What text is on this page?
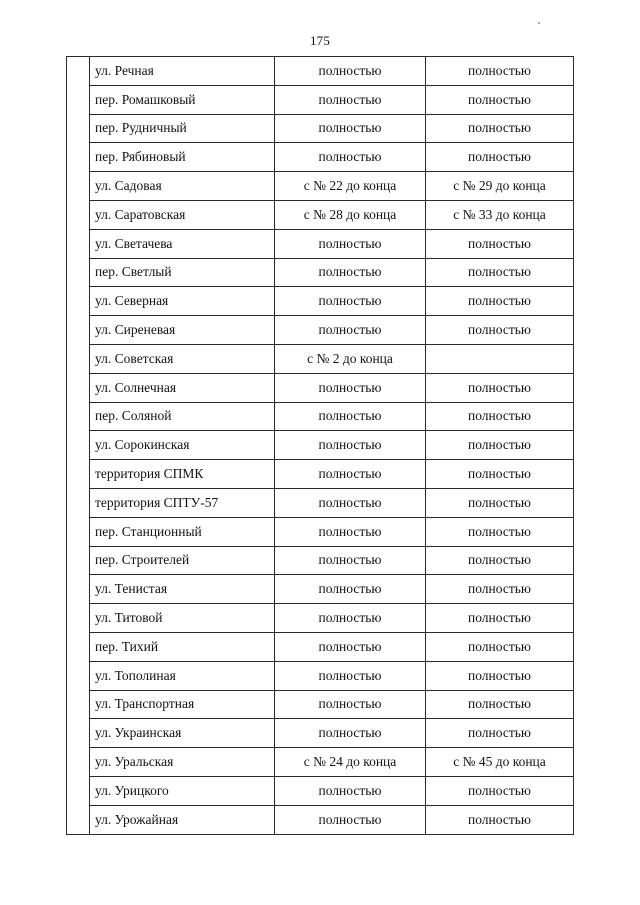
175
	ул. Речная	полностью	полностью
	пер. Ромашковый	полностью	полностью
	пер. Рудничный	полностью	полностью
	пер. Рябиновый	полностью	полностью
	ул. Садовая	с № 22 до конца	с № 29 до конца
	ул. Саратовская	с № 28 до конца	с № 33 до конца
	ул. Светачева	полностью	полностью
	пер. Светлый	полностью	полностью
	ул. Северная	полностью	полностью
	ул. Сиреневая	полностью	полностью
	ул. Советская	с № 2 до конца	
	ул. Солнечная	полностью	полностью
	пер. Соляной	полностью	полностью
	ул. Сорокинская	полностью	полностью
	территория СПМК	полностью	полностью
	территория СПТУ-57	полностью	полностью
	пер. Станционный	полностью	полностью
	пер. Строителей	полностью	полностью
	ул. Тенистая	полностью	полностью
	ул. Титовой	полностью	полностью
	пер. Тихий	полностью	полностью
	ул. Тополиная	полностью	полностью
	ул. Транспортная	полностью	полностью
	ул. Украинская	полностью	полностью
	ул. Уральская	с № 24 до конца	с № 45 до конца
	ул. Урицкого	полностью	полностью
	ул. Урожайная	полностью	полностью
